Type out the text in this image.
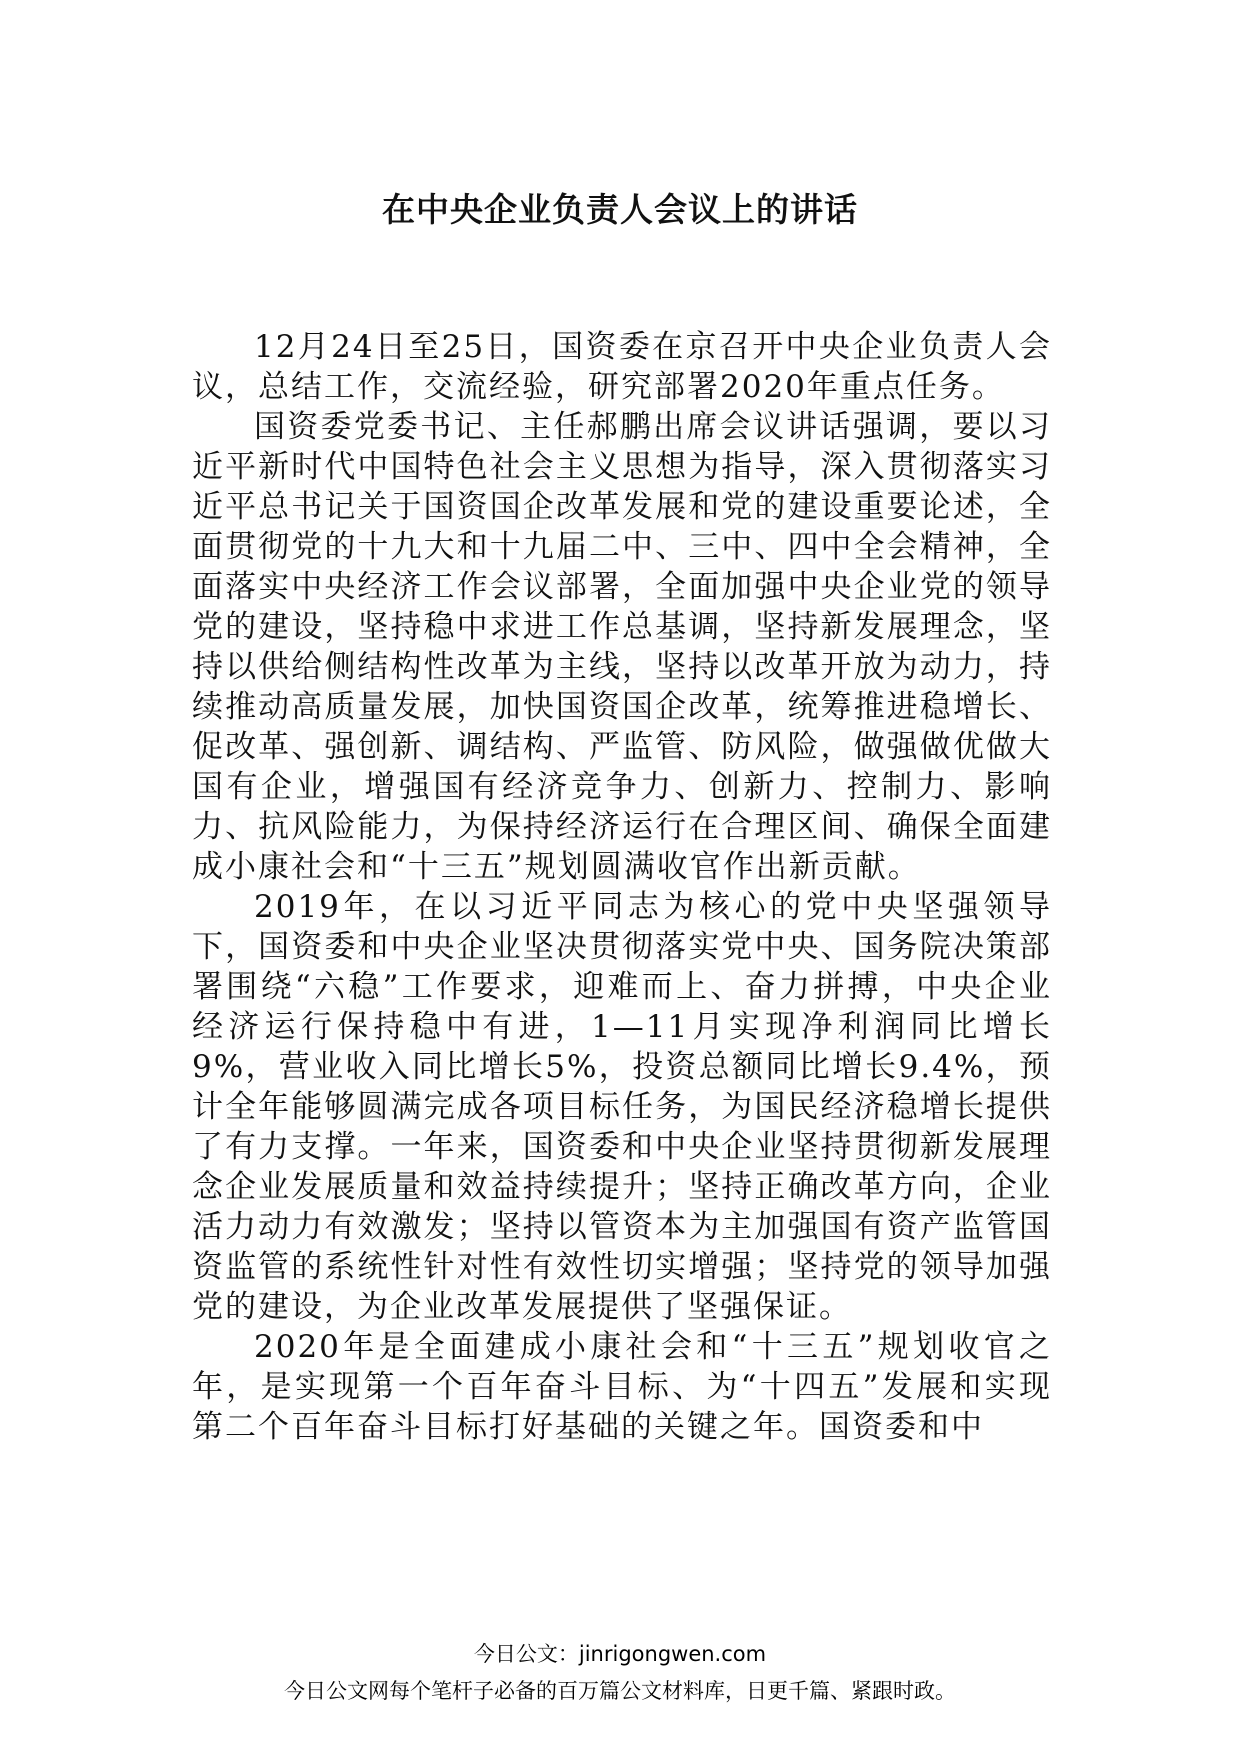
在中央企业负责人会议上的讲话

12月24日至25日，国资委在京召开中央企业负责人会议，总结工作，交流经验，研究部署2020年重点任务。

国资委党委书记、主任郝鹏出席会议讲话强调，要以习近平新时代中国特色社会主义思想为指导，深入贯彻落实习近平总书记关于国资国企改革发展和党的建设重要论述，全面贯彻党的十九大和十九届二中、三中、四中全会精神，全面落实中央经济工作会议部署，全面加强中央企业党的领导党的建设，坚持稳中求进工作总基调，坚持新发展理念，坚持以供给侧结构性改革为主线，坚持以改革开放为动力，持续推动高质量发展，加快国资国企改革，统筹推进稳增长、促改革、强创新、调结构、严监管、防风险，做强做优做大国有企业，增强国有经济竞争力、创新力、控制力、影响力、抗风险能力，为保持经济运行在合理区间、确保全面建成小康社会和“十三五”规划圆满收官作出新贡献。

2019年，在以习近平同志为核心的党中央坚强领导下，国资委和中央企业坚决贯彻落实党中央、国务院决策部署围绕“六稳”工作要求，迎难而上、奋力拼搏，中央企业经济运行保持稳中有进，1—11月实现净利润同比增长9%，营业收入同比增长5%，投资总额同比增长9.4%，预计全年能够圆满完成各项目标任务，为国民经济稳增长提供了有力支撑。一年来，国资委和中央企业坚持贯彻新发展理念企业发展质量和效益持续提升；坚持正确改革方向，企业活力动力有效激发；坚持以管资本为主加强国有资产监管国资监管的系统性针对性有效性切实增强；坚持党的领导加强党的建设，为企业改革发展提供了坚强保证。

2020年是全面建成小康社会和“十三五”规划收官之年，是实现第一个百年奋斗目标、为“十四五”发展和实现第二个百年奋斗目标打好基础的关键之年。国资委和中

今日公文：jinrigongwen.com
今日公文网每个笔杆子必备的百万篇公文材料库，日更千篇、紧跟时政。
